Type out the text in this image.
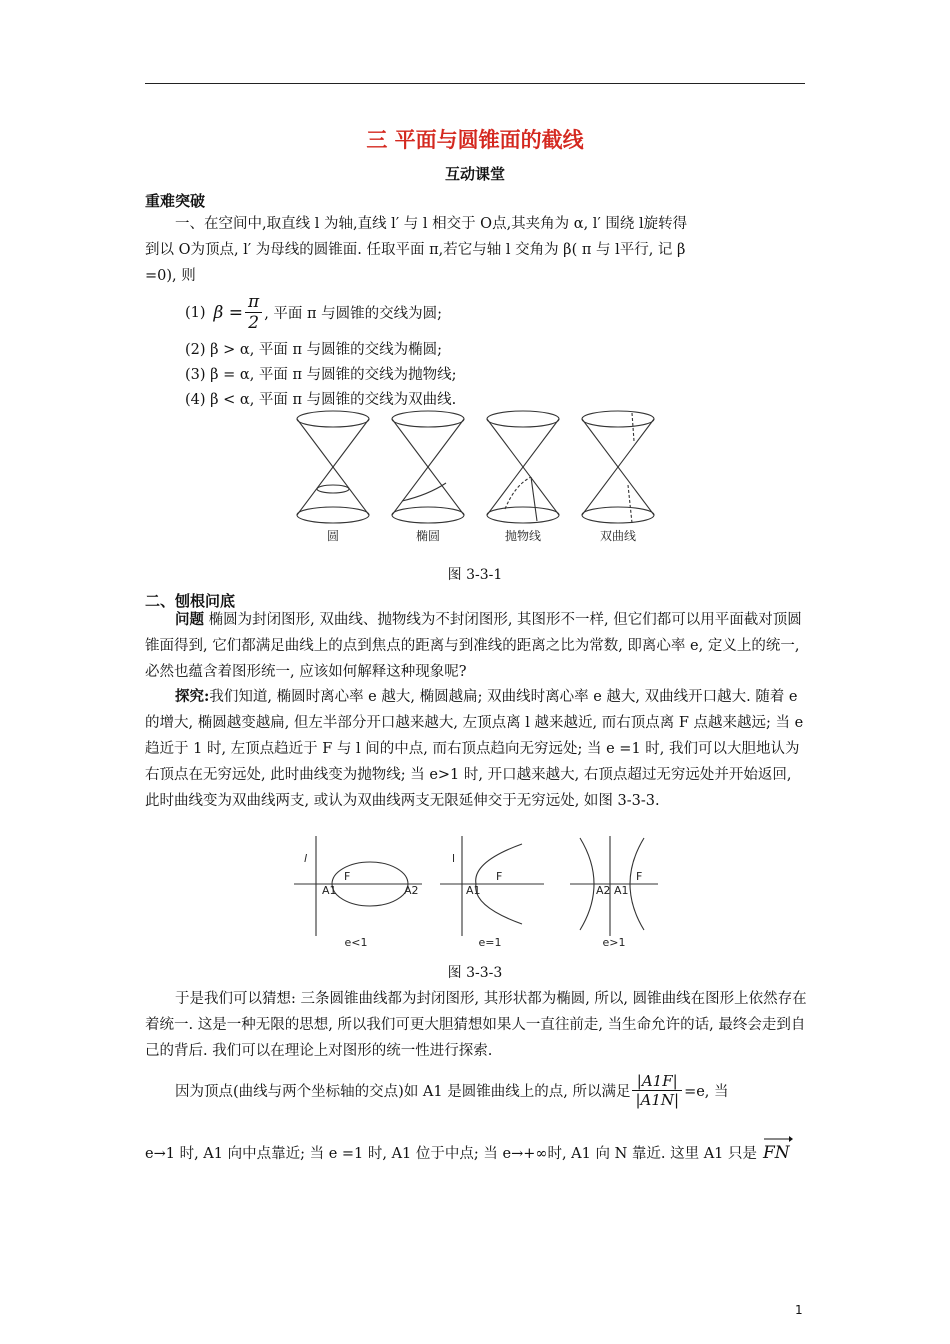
三 平面与圆锥面的截线
互动课堂
重难突破
一、在空间中,取直线 l 为轴,直线 l′ 与 l 相交于 O点,其夹角为 α, l′ 围绕 l旋转得
到以 O为顶点, l′ 为母线的圆锥面. 任取平面 π,若它与轴 l 交角为 β( π 与 l平行, 记 β
=0), 则
(1) $\beta = \frac{\pi}{2}$ , 平面 π 与圆锥的交线为圆;
(2) β > α, 平面 π 与圆锥的交线为椭圆;
(3) β = α, 平面 π 与圆锥的交线为抛物线;
(4) β < α, 平面 π 与圆锥的交线为双曲线.
圆	椭圆	抛物线	双曲线
图 3-3-1
二、刨根问底
问题 椭圆为封闭图形, 双曲线、抛物线为不封闭图形, 其图形不一样, 但它们都可以用平面截对顶圆锥面得到, 它们都满足曲线上的点到焦点的距离与到准线的距离之比为常数, 即离心率 e, 定义上的统一, 必然也蕴含着图形统一, 应该如何解释这种现象呢?
探究:我们知道, 椭圆时离心率 e 越大, 椭圆越扁; 双曲线时离心率 e 越大, 双曲线开口越大. 随着 e 的增大, 椭圆越变越扁, 但左半部分开口越来越大, 左顶点离 l 越来越近, 而右顶点离 F 点越来越远; 当 e 趋近于 1 时, 左顶点趋近于 F 与 l 间的中点, 而右顶点趋向无穷远处; 当 e =1 时, 我们可以大胆地认为右顶点在无穷远处, 此时曲线变为抛物线; 当 e>1 时, 开口越来越大, 右顶点超过无穷远处并开始返回, 此时曲线变为双曲线两支, 或认为双曲线两支无限延伸交于无穷远处, 如图 3-3-3.
l
F
A1	A2
l
F
A1	A2 A1
F
e<1	e=1	e>1
图 3-3-3
于是我们可以猜想: 三条圆锥曲线都为封闭图形, 其形状都为椭圆, 所以, 圆锥曲线在图形上依然存在着统一. 这是一种无限的思想, 所以我们可更大胆猜想如果人一直往前走, 当生命允许的话, 最终会走到自己的背后. 我们可以在理论上对图形的统一性进行探索.
因为顶点(曲线与两个坐标轴的交点)如 A1 是圆锥曲线上的点, 所以满足 $\frac{|A1F|}{|A1N|} =e$, 当
e→1 时, A1 向中点靠近; 当 e =1 时, A1 位于中点; 当 e→+∞时, A1 向 N 靠近. 这里 A1 只是 FN
1
